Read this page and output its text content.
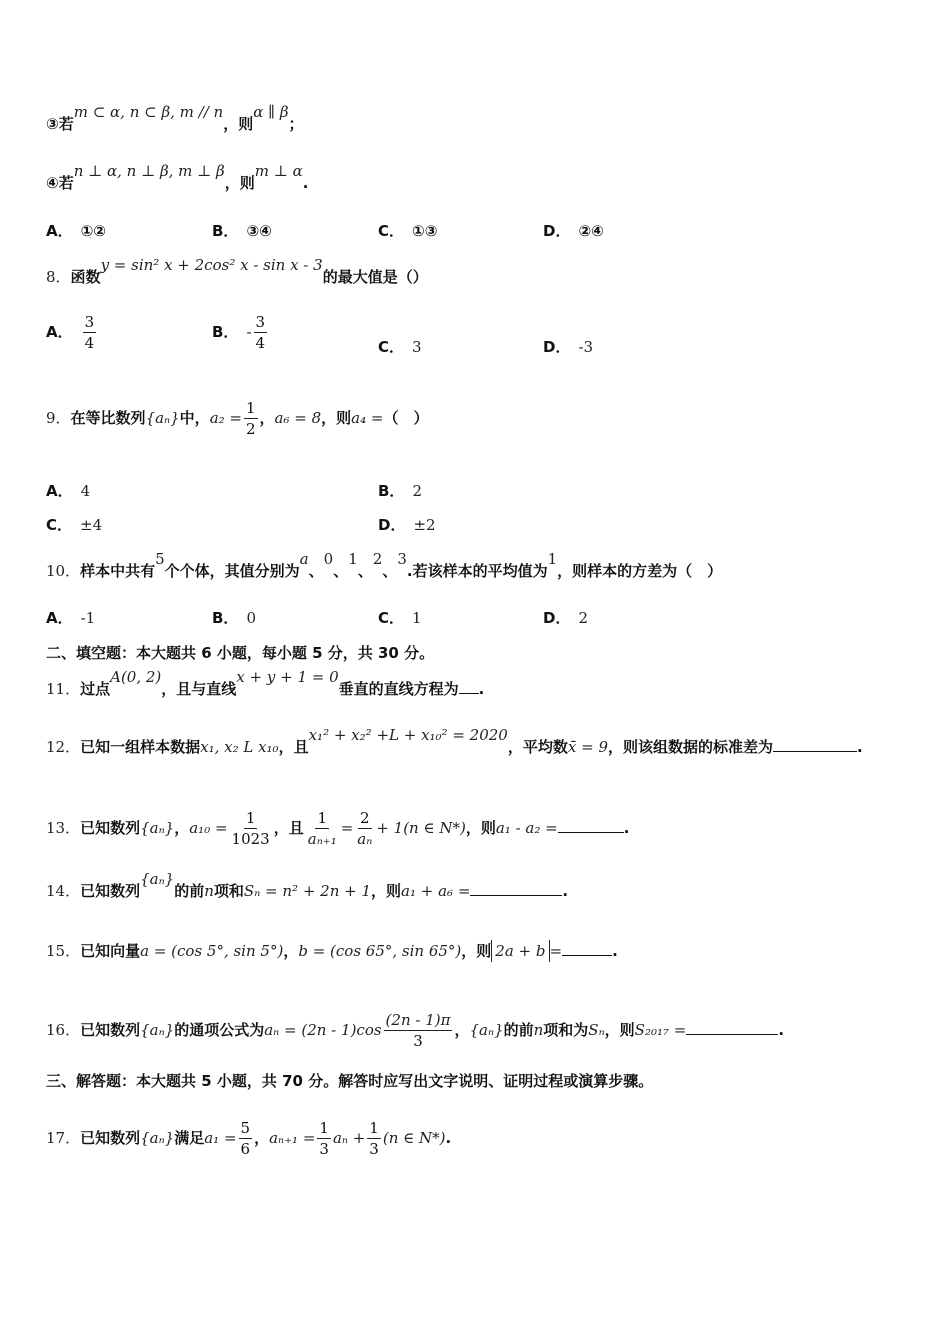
③若m ⊂ α, n ⊂ β, m // n，则α ∥ β；
④若n ⊥ α, n ⊥ β, m ⊥ β，则m ⊥ α.
A． ①②	B． ③④	C． ①③	D． ②④
8．函数y = sin² x + 2cos² x - sin x - 3的最大值是（）
A． $\frac{3}{4}$	B． - $\frac{3}{4}$	C． 3	D． -3
9．在等比数列{aₙ}中，$a_2 = \frac{1}{2}$ ，a₆ = 8，则a₄ =（　）
A． 4	B． 2
C． ±4	D． ±2
10．样本中共有5个个体，其值分别为a、0、1、2、3.若该样本的平均值为1，则样本的方差为（　）
A． -1	B． 0	C． 1	D． 2
二、填空题：本大题共 6 小题，每小题 5 分，共 30 分。
11．过点A(0, 2)，且与直线x + y + 1 = 0垂直的直线方程为 .
12．已知一组样本数据x₁, x₂ L x₁₀，且x₁² + x₂² +L + x₁₀² = 2020，平均数x̄ = 9，则该组数据的标准差为	.
13．已知数列{aₙ}，$a_{10} = \frac{1}{1023}$ ，且 $\frac{1}{\text{aₙ₊₁}} = \frac{2}{\text{aₙ}} + 1(n$ ∈ N*)，则a₁ - a₂ =	.
14．已知数列{aₙ}的前n项和Sₙ = n² + 2n + 1，则a₁ + a₆ =	.
15．已知向量a = (cos 5°, sin 5°)，b = (cos 65°, sin 65°)，则 2a + b =	.
16．已知数列{aₙ}的通项公式为$a_n = (2n - 1)\cos \frac{(2n - 1)\pi}{3}$ ，{aₙ}的前n项和为Sₙ，则S₂₀₁₇ =	.
三、解答题：本大题共 5 小题，共 70 分。解答时应写出文字说明、证明过程或演算步骤。
17．已知数列{aₙ}满足$a_1 = \frac{5}{6}$ ，$a_{n+1} = \frac{1}{3}$ $a_n + \frac{1}{3} (n$ ∈ N*).
